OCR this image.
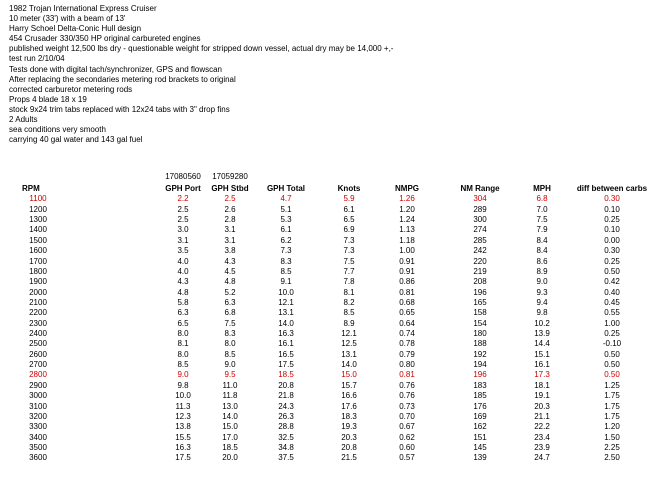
1982 Trojan International Express Cruiser
10 meter (33') with a beam of 13'
Harry Schoel Delta-Conic Hull design
454 Crusader 330/350 HP original carbureted engines
published weight 12,500 lbs dry - questionable weight for stripped down vessel, actual dry may be 14,000 +,-
test run 2/10/04
Tests done with digital tach/synchronizer, GPS and flowscan
After replacing the secondaries metering rod brackets to original
corrected carburetor metering rods
Props 4 blade 18 x 19
stock 9x24 trim tabs replaced with 12x24 tabs with 3" drop fins
2 Adults
sea conditions very smooth
carrying 40 gal water and 143 gal fuel
17080560 17059280
RPM	GPH Port GPH Stbd	GPH Total	Knots	NMPG	NM Range	MPH	diff between carbs
1100	2.2	2.5	4.7	5.9	1.26	304	6.8	0.30
1200	2.5	2.6	5.1	6.1	1.20	289	7.0	0.10
1300	2.5	2.8	5.3	6.5	1.24	300	7.5	0.25
1400	3.0	3.1	6.1	6.9	1.13	274	7.9	0.10
1500	3.1	3.1	6.2	7.3	1.18	285	8.4	0.00
1600	3.5	3.8	7.3	7.3	1.00	242	8.4	0.30
1700	4.0	4.3	8.3	7.5	0.91	220	8.6	0.25
1800	4.0	4.5	8.5	7.7	0.91	219	8.9	0.50
1900	4.3	4.8	9.1	7.8	0.86	208	9.0	0.42
2000	4.8	5.2	10.0	8.1	0.81	196	9.3	0.40
2100	5.8	6.3	12.1	8.2	0.68	165	9.4	0.45
2200	6.3	6.8	13.1	8.5	0.65	158	9.8	0.55
2300	6.5	7.5	14.0	8.9	0.64	154	10.2	1.00
2400	8.0	8.3	16.3	12.1	0.74	180	13.9	0.25
2500	8.1	8.0	16.1	12.5	0.78	188	14.4	-0.10
2600	8.0	8.5	16.5	13.1	0.79	192	15.1	0.50
2700	8.5	9.0	17.5	14.0	0.80	194	16.1	0.50
2800	9.0	9.5	18.5	15.0	0.81	196	17.3	0.50
2900	9.8	11.0	20.8	15.7	0.76	183	18.1	1.25
3000	10.0	11.8	21.8	16.6	0.76	185	19.1	1.75
3100	11.3	13.0	24.3	17.6	0.73	176	20.3	1.75
3200	12.3	14.0	26.3	18.3	0.70	169	21.1	1.75
3300	13.8	15.0	28.8	19.3	0.67	162	22.2	1.20
3400	15.5	17.0	32.5	20.3	0.62	151	23.4	1.50
3500	16.3	18.5	34.8	20.8	0.60	145	23.9	2.25
3600	17.5	20.0	37.5	21.5	0.57	139	24.7	2.50
